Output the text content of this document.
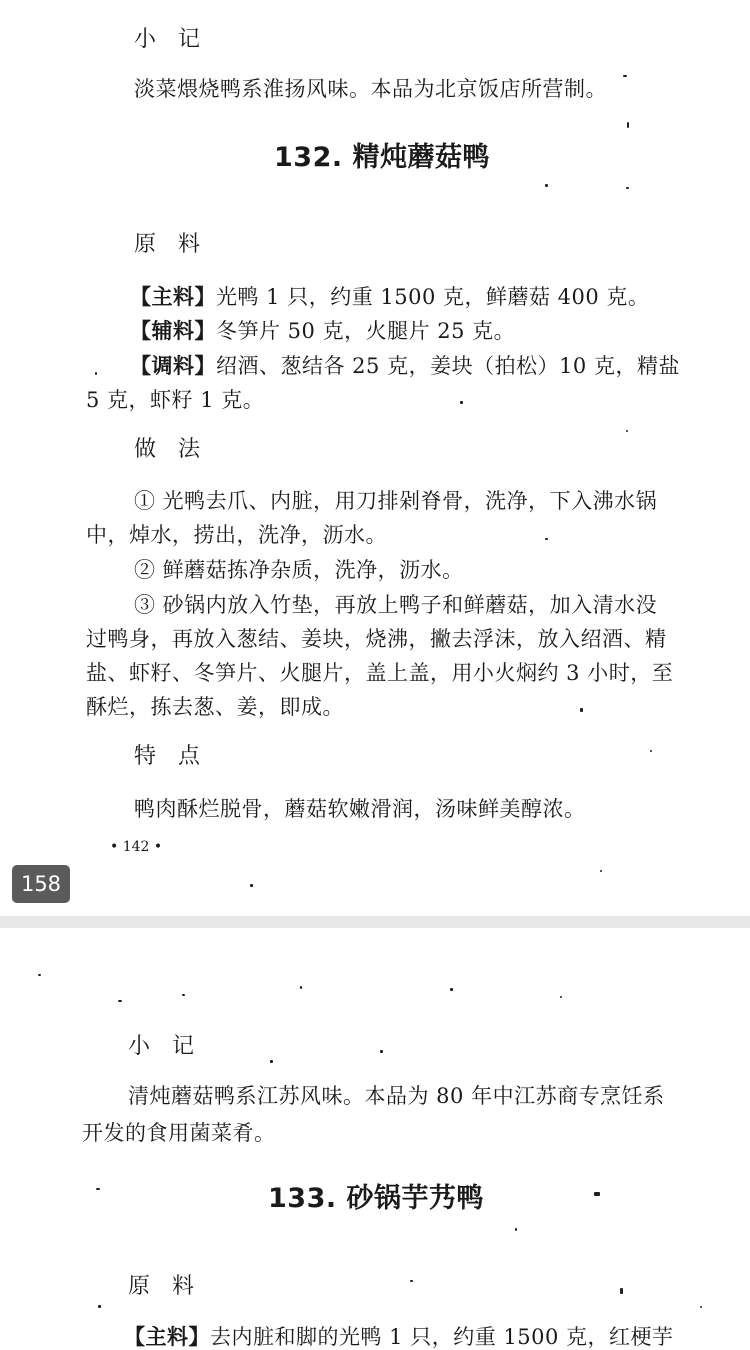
小记
淡菜煨烧鸭系淮扬风味。本品为北京饭店所营制。
132. 精炖蘑菇鸭
原料
【主料】光鸭 1 只，约重 1500 克，鲜蘑菇 400 克。
【辅料】冬笋片 50 克，火腿片 25 克。
【调料】绍酒、葱结各 25 克，姜块（拍松）10 克，精盐
5 克，虾籽 1 克。
做法
① 光鸭去爪、内脏，用刀排剁脊骨，洗净，下入沸水锅
中，焯水，捞出，洗净，沥水。
② 鲜蘑菇拣净杂质，洗净，沥水。
③ 砂锅内放入竹垫，再放上鸭子和鲜蘑菇，加入清水没
过鸭身，再放入葱结、姜块，烧沸，撇去浮沫，放入绍酒、精
盐、虾籽、冬笋片、火腿片，盖上盖，用小火焖约 3 小时，至
酥烂，拣去葱、姜，即成。
特点
鸭肉酥烂脱骨，蘑菇软嫩滑润，汤味鲜美醇浓。
• 142 •
158
小记
清炖蘑菇鸭系江苏风味。本品为 80 年中江苏商专烹饪系
开发的食用菌菜肴。
133. 砂锅芋艿鸭
原料
【主料】去内脏和脚的光鸭 1 只，约重 1500 克，红梗芋
